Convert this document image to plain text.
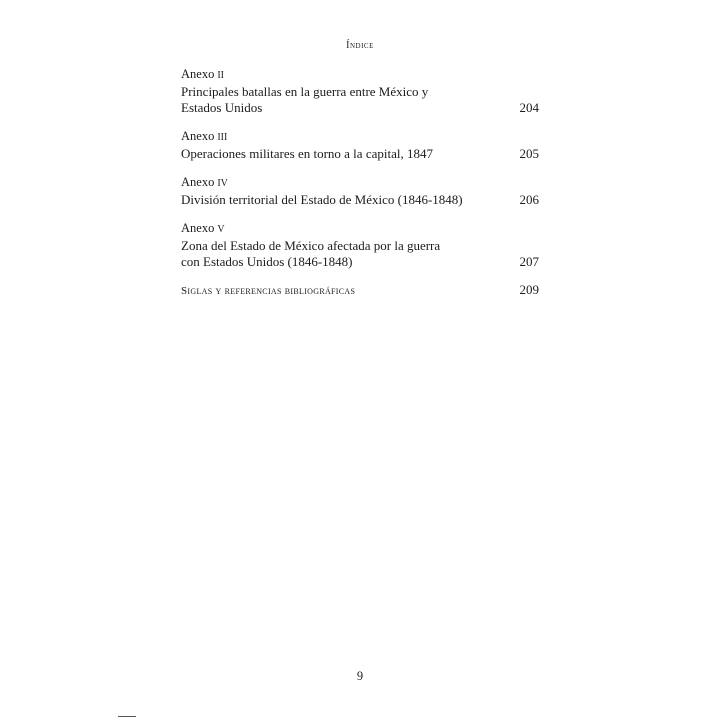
Índice
Anexo II
Principales batallas en la guerra entre México y
Estados Unidos	204
Anexo III
Operaciones militares en torno a la capital, 1847	205
Anexo IV
División territorial del Estado de México (1846-1848)	206
Anexo V
Zona del Estado de México afectada por la guerra
con Estados Unidos (1846-1848)	207
Siglas y referencias bibliográficas	209
9
